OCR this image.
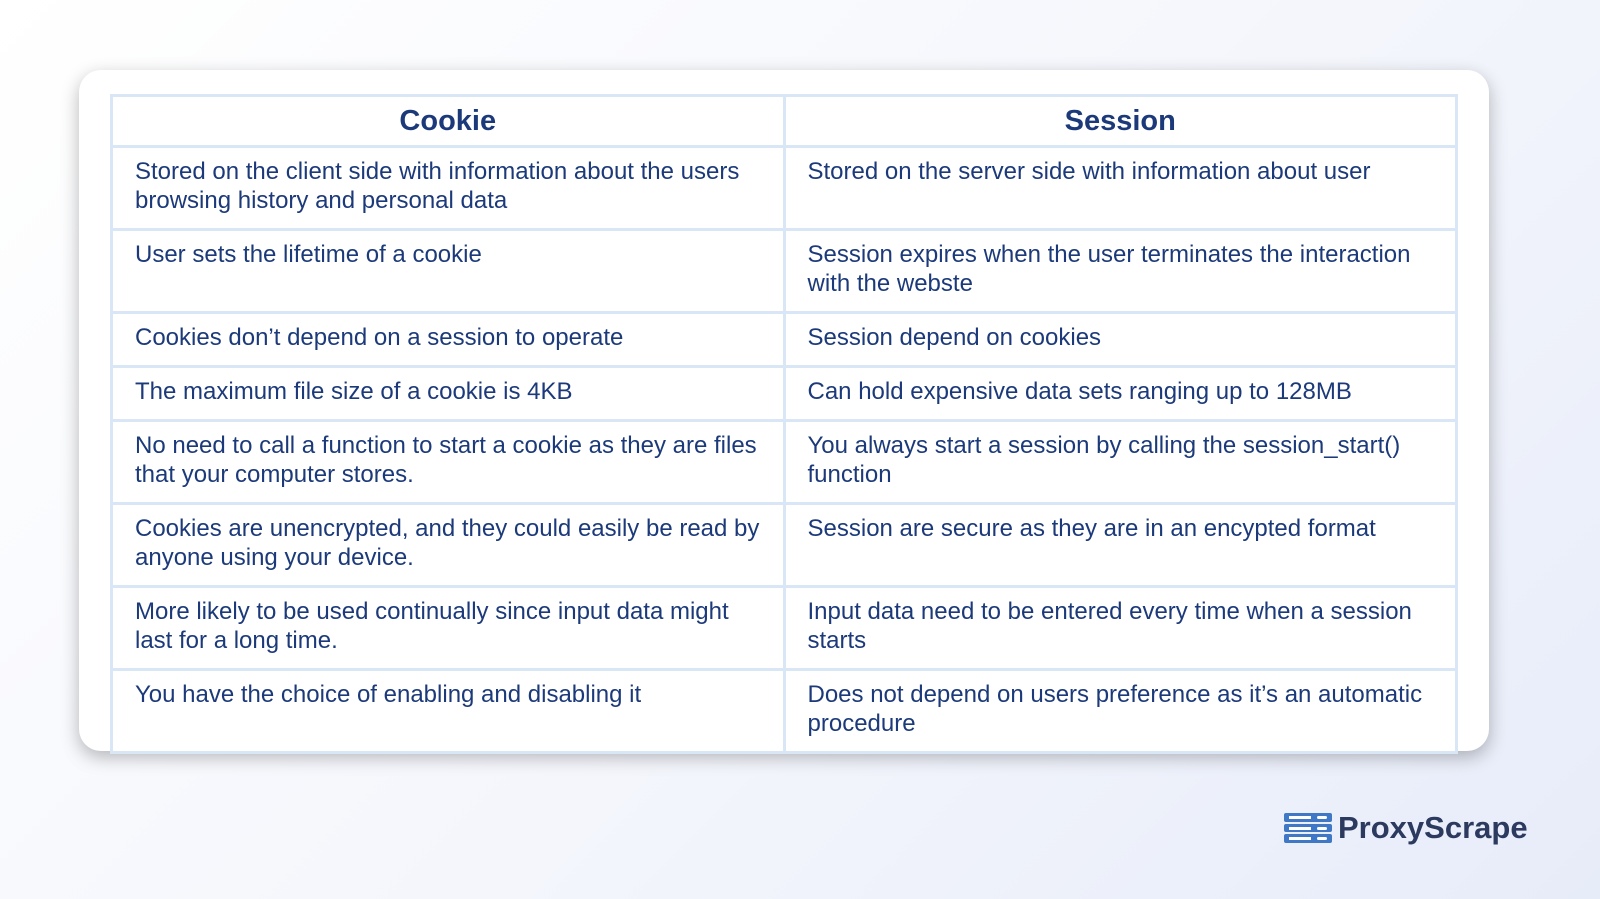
Cookie	Session
Stored on the client side with information about the users browsing history and personal data	Stored on the server side with information about user
User sets the lifetime of a cookie	Session expires when the user terminates the interaction with the webste
Cookies don’t depend on a session to operate	Session depend on cookies
The maximum file size of a cookie is 4KB	Can hold expensive data sets ranging up to 128MB
No need to call a function to start a cookie as they are files that your computer stores.	You always start a session by calling the session_start() function
Cookies are unencrypted, and they could easily be read by anyone using your device.	Session are secure as they are in an encypted format
More likely to be used continually since input data might last for a long time.	Input data need to be entered every time when a session starts
You have the choice of enabling and disabling it	Does not depend on users preference as it’s an automatic procedure
ProxyScrape
